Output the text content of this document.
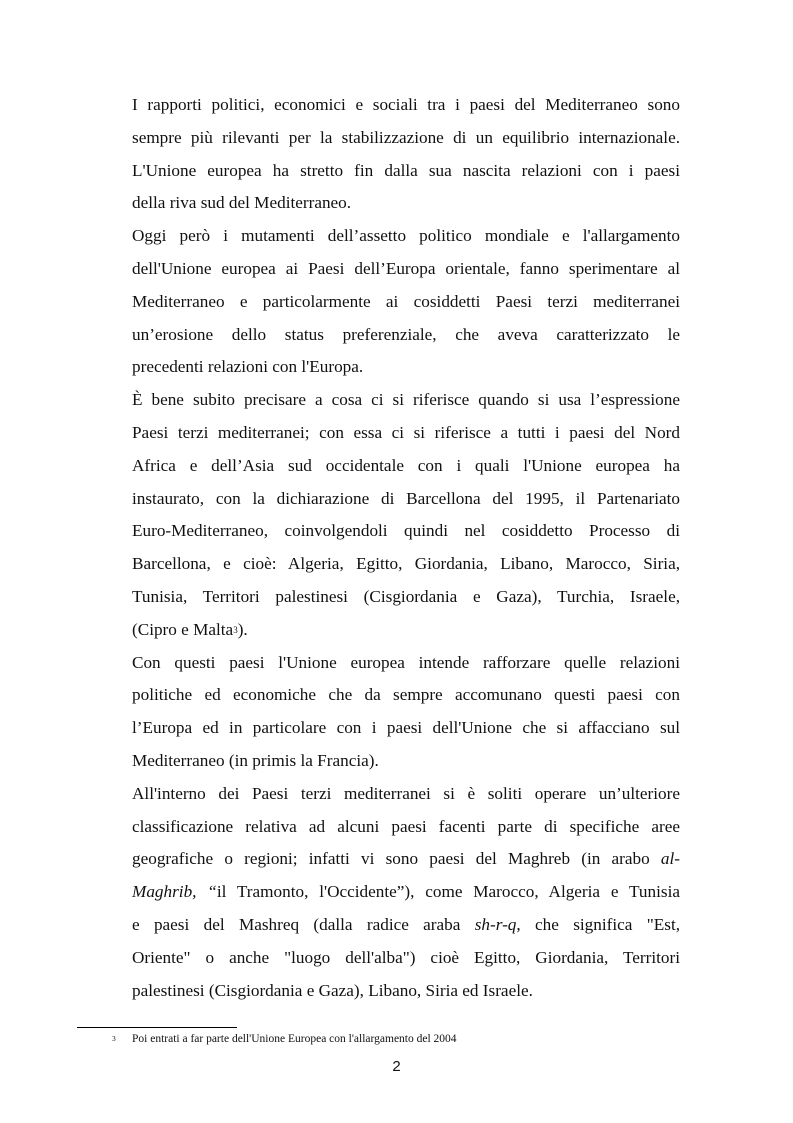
I rapporti politici, economici e sociali tra i paesi del Mediterraneo sono

sempre più rilevanti per la stabilizzazione di un equilibrio internazionale.

L'Unione europea ha stretto fin dalla sua nascita relazioni con i paesi

della riva sud del Mediterraneo.

Oggi però i mutamenti dell’assetto politico mondiale e l'allargamento

dell'Unione europea ai Paesi dell’Europa orientale, fanno sperimentare al

Mediterraneo e particolarmente ai cosiddetti Paesi terzi mediterranei

un’erosione dello status preferenziale, che aveva caratterizzato le

precedenti relazioni con l'Europa.

È bene subito precisare a cosa ci si riferisce quando si usa l’espressione

Paesi terzi mediterranei; con essa ci si riferisce a tutti i paesi del Nord

Africa e dell’Asia sud occidentale con i quali l'Unione europea ha

instaurato, con la dichiarazione di Barcellona del 1995, il Partenariato

Euro-Mediterraneo, coinvolgendoli quindi nel cosiddetto Processo di

Barcellona, e cioè: Algeria, Egitto, Giordania, Libano, Marocco, Siria,

Tunisia, Territori palestinesi (Cisgiordania e Gaza), Turchia, Israele,

(Cipro e Malta$^3$).

Con questi paesi l'Unione europea intende rafforzare quelle relazioni

politiche ed economiche che da sempre accomunano questi paesi con

l’Europa ed in particolare con i paesi dell'Unione che si affacciano sul

Mediterraneo (in primis la Francia).

All'interno dei Paesi terzi mediterranei si è soliti operare un’ulteriore

classificazione relativa ad alcuni paesi facenti parte di specifiche aree

geografiche o regioni; infatti vi sono paesi del Maghreb (in arabo al-

Maghrib, “il Tramonto, l'Occidente”), come Marocco, Algeria e Tunisia

e paesi del Mashreq (dalla radice araba sh-r-q, che significa "Est,

Oriente" o anche "luogo dell'alba") cioè Egitto, Giordania, Territori

palestinesi (Cisgiordania e Gaza), Libano, Siria ed Israele.

3 Poi entrati a far parte dell'Unione Europea con l'allargamento del 2004
2
